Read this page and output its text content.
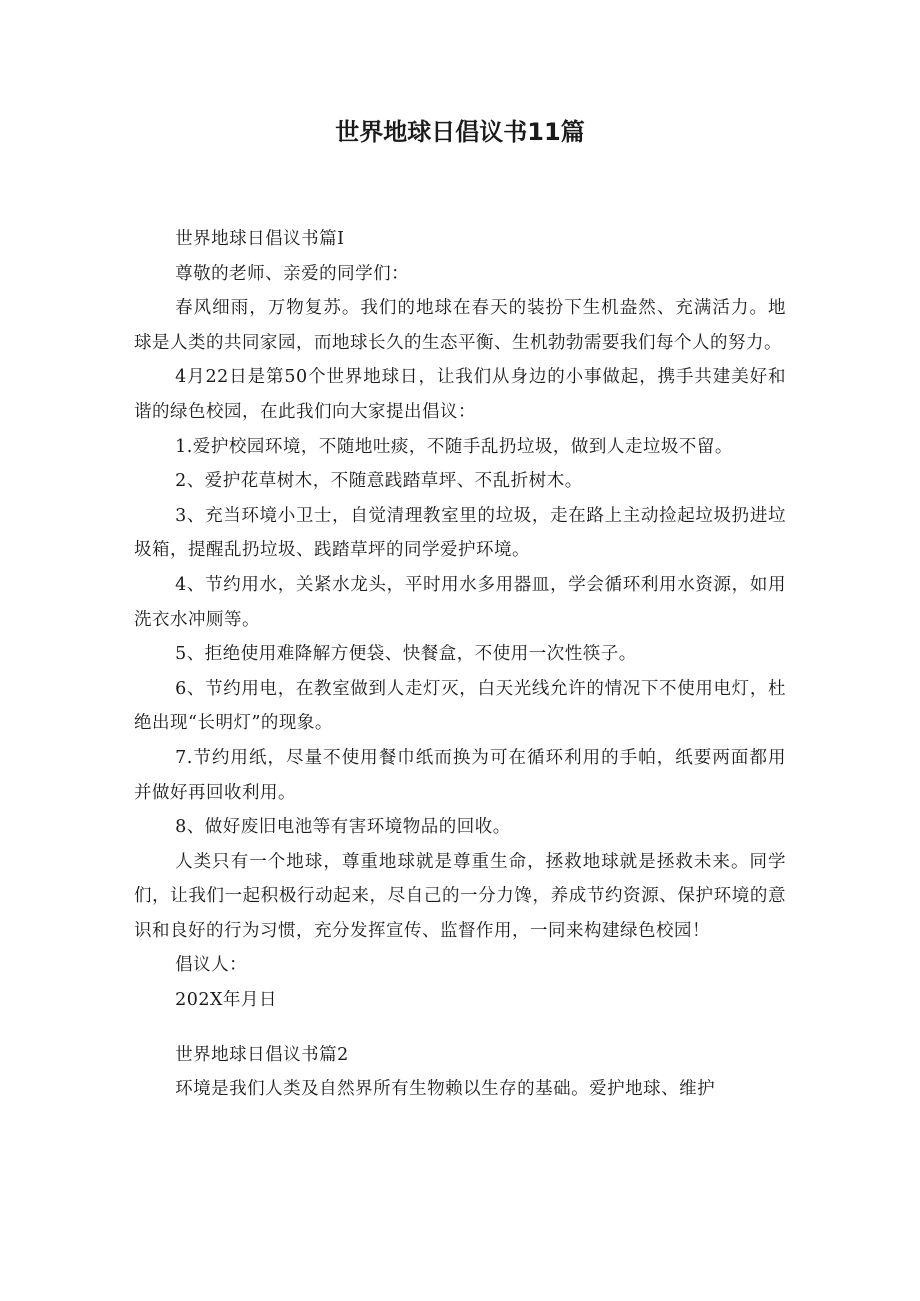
世界地球日倡议书11篇

世界地球日倡议书篇I

尊敬的老师、亲爱的同学们：

春风细雨，万物复苏。我们的地球在春天的装扮下生机盎然、充满活力。地球是人类的共同家园，而地球长久的生态平衡、生机勃勃需要我们每个人的努力。

4月22日是第50个世界地球日，让我们从身边的小事做起，携手共建美好和谐的绿色校园，在此我们向大家提出倡议：

1.爱护校园环境，不随地吐痰，不随手乱扔垃圾，做到人走垃圾不留。

2、爱护花草树木，不随意践踏草坪、不乱折树木。

3、充当环境小卫士，自觉清理教室里的垃圾，走在路上主动捡起垃圾扔进垃圾箱，提醒乱扔垃圾、践踏草坪的同学爱护环境。

4、节约用水，关紧水龙头，平时用水多用器皿，学会循环利用水资源，如用洗衣水冲厕等。

5、拒绝使用难降解方便袋、快餐盒，不使用一次性筷子。

6、节约用电，在教室做到人走灯灭，白天光线允许的情况下不使用电灯，杜绝出现“长明灯”的现象。

7.节约用纸，尽量不使用餐巾纸而换为可在循环利用的手帕，纸要两面都用并做好再回收利用。

8、做好废旧电池等有害环境物品的回收。

人类只有一个地球，尊重地球就是尊重生命，拯救地球就是拯救未来。同学们，让我们一起积极行动起来，尽自己的一分力馋，养成节约资源、保护环境的意识和良好的行为习惯，充分发挥宣传、监督作用，一同来构建绿色校园！

倡议人：

202X年月日

世界地球日倡议书篇2

环境是我们人类及自然界所有生物赖以生存的基础。爱护地球、维护
